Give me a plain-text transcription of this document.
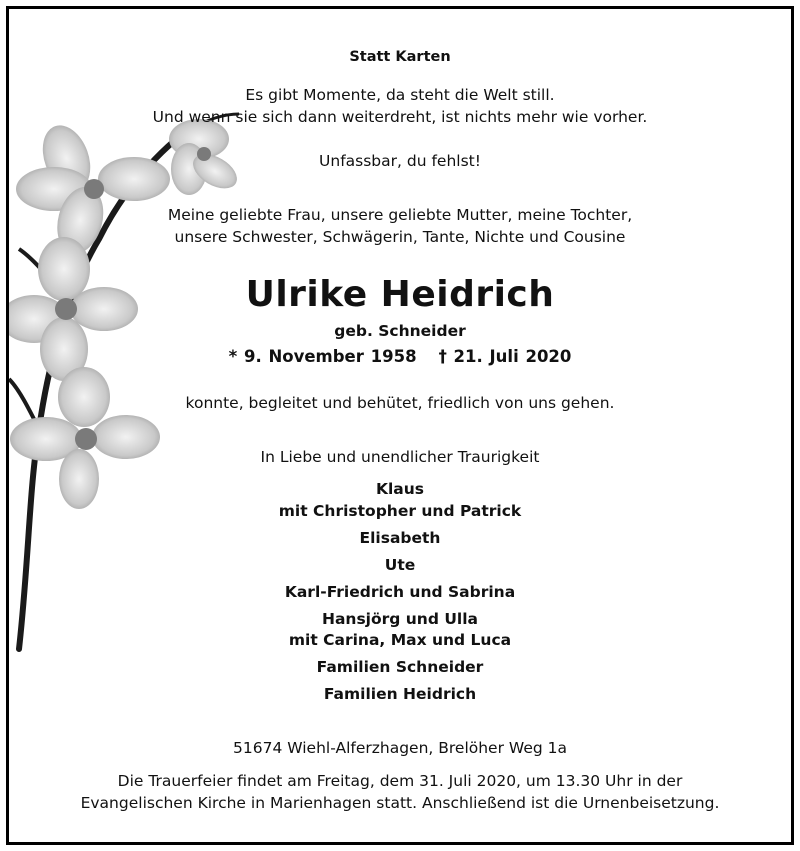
Statt Karten
Es gibt Momente, da steht die Welt still.
Und wenn sie sich dann weiterdreht, ist nichts mehr wie vorher.
Unfassbar, du fehlst!
Meine geliebte Frau, unsere geliebte Mutter, meine Tochter,
unsere Schwester, Schwägerin, Tante, Nichte und Cousine
Ulrike Heidrich
geb. Schneider
* 9. November 1958 † 21. Juli 2020
konnte, begleitet und behütet, friedlich von uns gehen.
In Liebe und unendlicher Traurigkeit
Klaus
mit Christopher und Patrick
Elisabeth
Ute
Karl-Friedrich und Sabrina
Hansjörg und Ulla
mit Carina, Max und Luca
Familien Schneider
Familien Heidrich
51674 Wiehl-Alferzhagen, Brelöher Weg 1a
Die Trauerfeier findet am Freitag, dem 31. Juli 2020, um 13.30 Uhr in der
Evangelischen Kirche in Marienhagen statt. Anschließend ist die Urnenbeisetzung.
